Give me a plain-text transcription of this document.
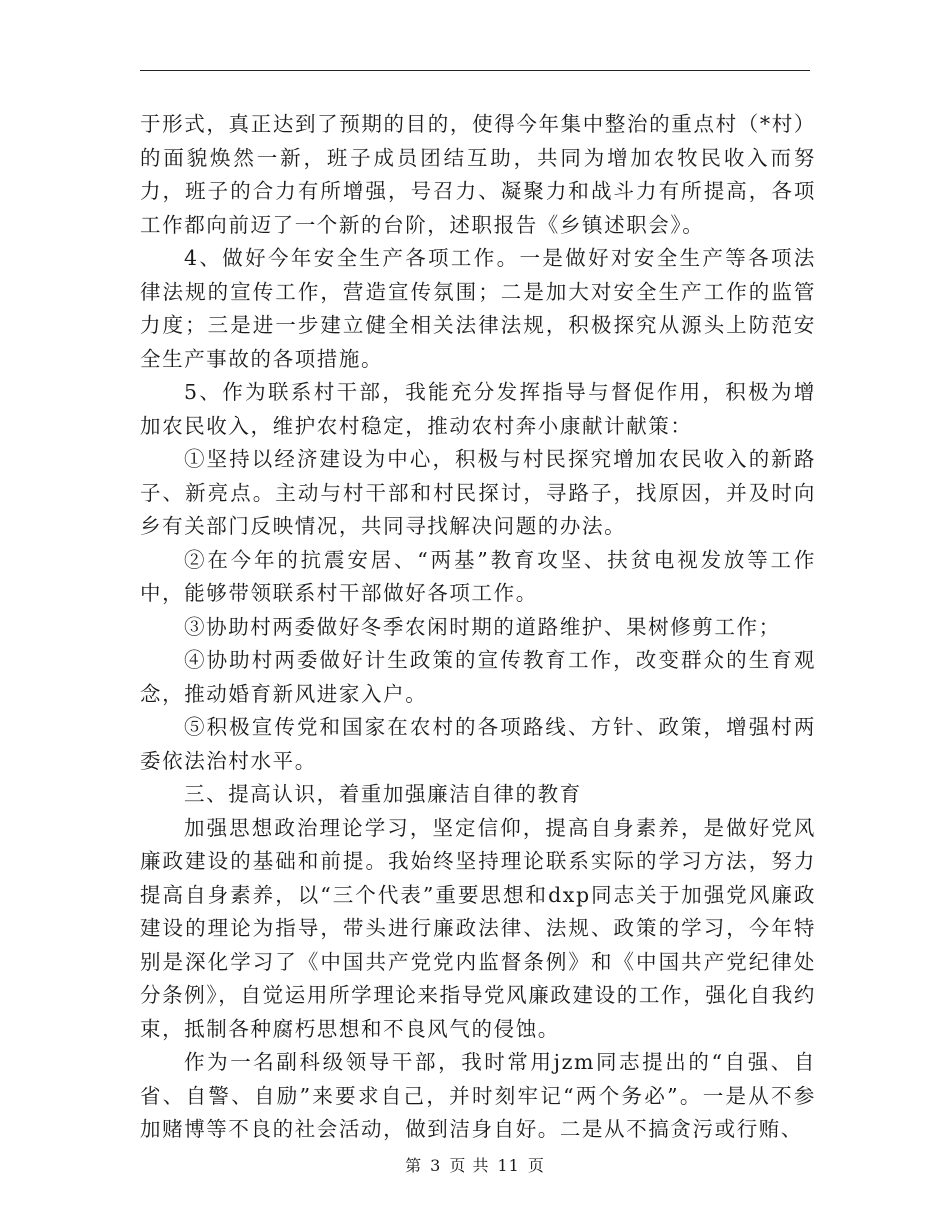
于形式，真正达到了预期的目的，使得今年集中整治的重点村（*村）的面貌焕然一新，班子成员团结互助，共同为增加农牧民收入而努力，班子的合力有所增强，号召力、凝聚力和战斗力有所提高，各项工作都向前迈了一个新的台阶，述职报告《乡镇述职会》。

4、做好今年安全生产各项工作。一是做好对安全生产等各项法律法规的宣传工作，营造宣传氛围；二是加大对安全生产工作的监管力度；三是进一步建立健全相关法律法规，积极探究从源头上防范安全生产事故的各项措施。

5、作为联系村干部，我能充分发挥指导与督促作用，积极为增加农民收入，维护农村稳定，推动农村奔小康献计献策：

①坚持以经济建设为中心，积极与村民探究增加农民收入的新路子、新亮点。主动与村干部和村民探讨，寻路子，找原因，并及时向乡有关部门反映情况，共同寻找解决问题的办法。

②在今年的抗震安居、“两基”教育攻坚、扶贫电视发放等工作中，能够带领联系村干部做好各项工作。

③协助村两委做好冬季农闲时期的道路维护、果树修剪工作；

④协助村两委做好计生政策的宣传教育工作，改变群众的生育观念，推动婚育新风进家入户。

⑤积极宣传党和国家在农村的各项路线、方针、政策，增强村两委依法治村水平。

三、提高认识，着重加强廉洁自律的教育

加强思想政治理论学习，坚定信仰，提高自身素养，是做好党风廉政建设的基础和前提。我始终坚持理论联系实际的学习方法，努力提高自身素养，以“三个代表”重要思想和dxp同志关于加强党风廉政建设的理论为指导，带头进行廉政法律、法规、政策的学习，今年特别是深化学习了《中国共产党党内监督条例》和《中国共产党纪律处分条例》，自觉运用所学理论来指导党风廉政建设的工作，强化自我约束，抵制各种腐朽思想和不良风气的侵蚀。

作为一名副科级领导干部，我时常用jzm同志提出的“自强、自省、自警、自励”来要求自己，并时刻牢记“两个务必”。一是从不参加赌博等不良的社会活动，做到洁身自好。二是从不搞贪污或行贿、

第 3 页 共 11 页
